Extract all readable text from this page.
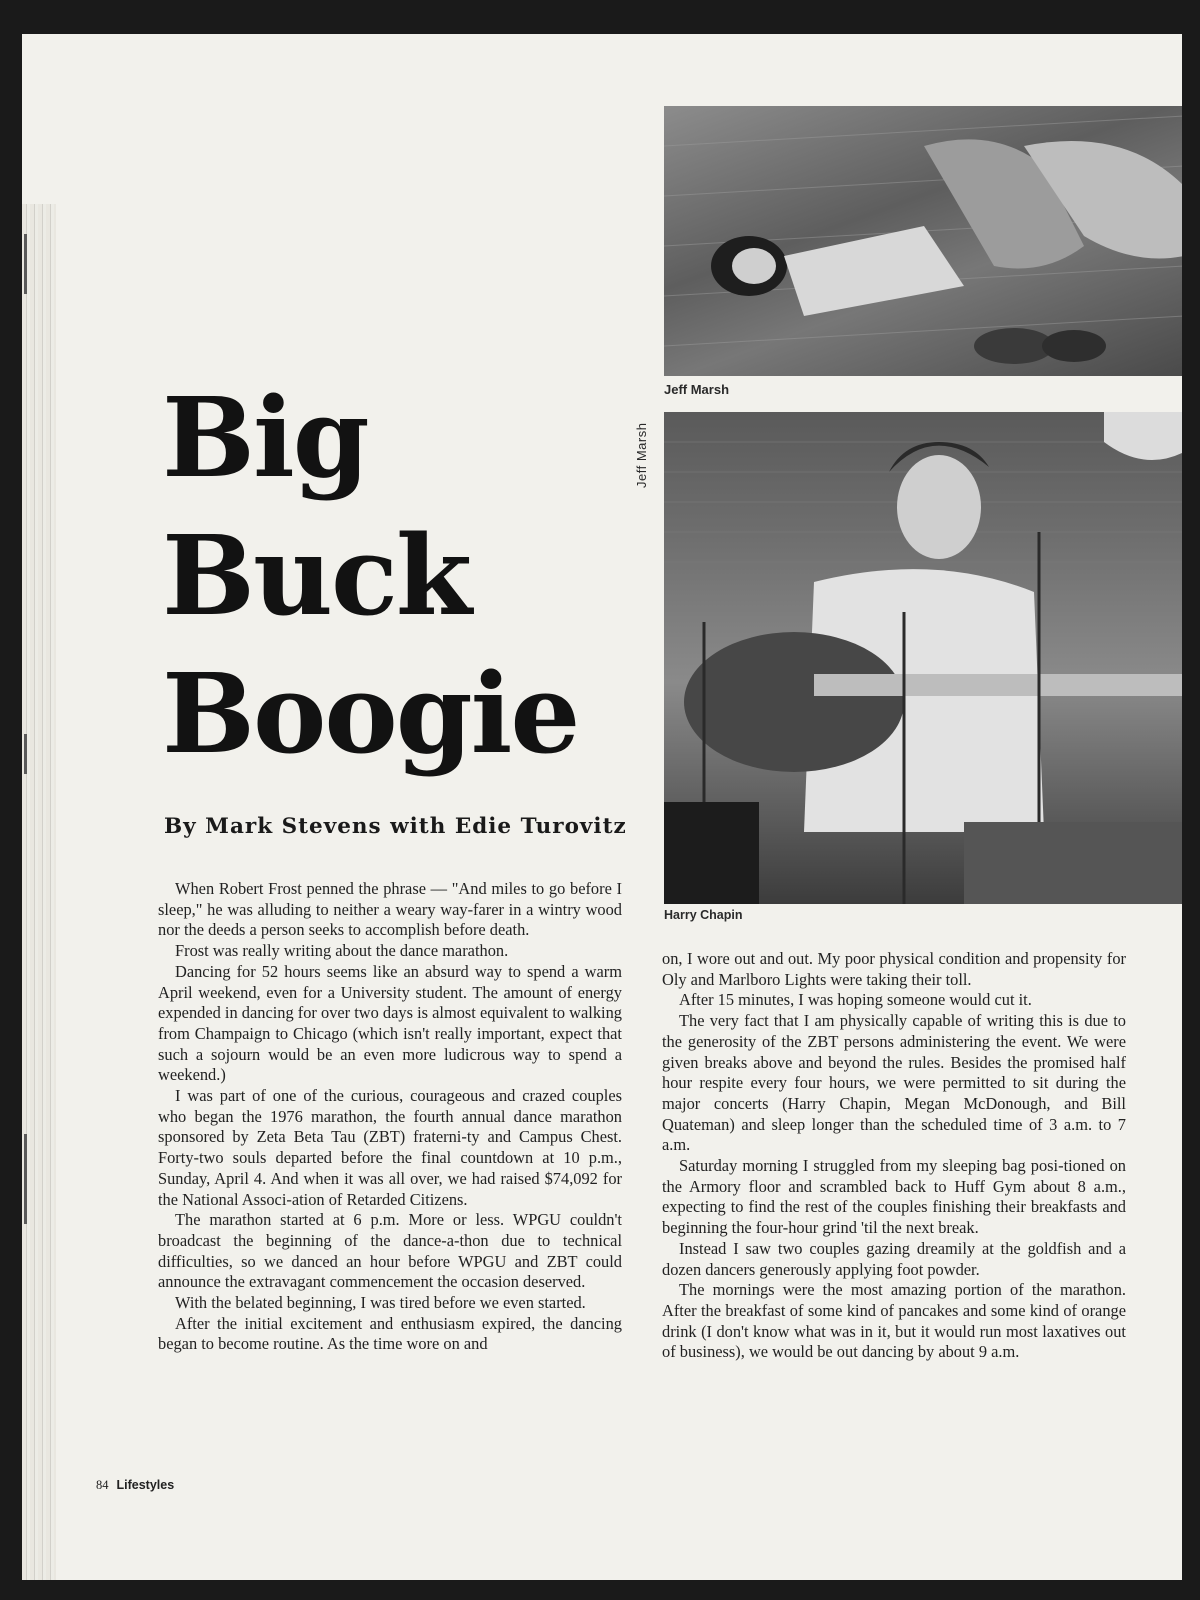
Big
Buck
Boogie
By Mark Stevens with Edie Turovitz

When Robert Frost penned the phrase — "And miles to go before I sleep," he was alluding to neither a weary way-farer in a wintry wood nor the deeds a person seeks to accomplish before death.

Frost was really writing about the dance marathon.

Dancing for 52 hours seems like an absurd way to spend a warm April weekend, even for a University student. The amount of energy expended in dancing for over two days is almost equivalent to walking from Champaign to Chicago (which isn't really important, expect that such a sojourn would be an even more ludicrous way to spend a weekend.)

I was part of one of the curious, courageous and crazed couples who began the 1976 marathon, the fourth annual dance marathon sponsored by Zeta Beta Tau (ZBT) fraterni-ty and Campus Chest. Forty-two souls departed before the final countdown at 10 p.m., Sunday, April 4. And when it was all over, we had raised $74,092 for the National Associ-ation of Retarded Citizens.

The marathon started at 6 p.m. More or less. WPGU couldn't broadcast the beginning of the dance-a-thon due to technical difficulties, so we danced an hour before WPGU and ZBT could announce the extravagant commencement the occasion deserved.

With the belated beginning, I was tired before we even started.

After the initial excitement and enthusiasm expired, the dancing began to become routine. As the time wore on and

Jeff Marsh
Jeff Marsh
Harry Chapin

on, I wore out and out. My poor physical condition and propensity for Oly and Marlboro Lights were taking their toll.

After 15 minutes, I was hoping someone would cut it.

The very fact that I am physically capable of writing this is due to the generosity of the ZBT persons administering the event. We were given breaks above and beyond the rules. Besides the promised half hour respite every four hours, we were permitted to sit during the major concerts (Harry Chapin, Megan McDonough, and Bill Quateman) and sleep longer than the scheduled time of 3 a.m. to 7 a.m.

Saturday morning I struggled from my sleeping bag posi-tioned on the Armory floor and scrambled back to Huff Gym about 8 a.m., expecting to find the rest of the couples finishing their breakfasts and beginning the four-hour grind 'til the next break.

Instead I saw two couples gazing dreamily at the goldfish and a dozen dancers generously applying foot powder.

The mornings were the most amazing portion of the marathon. After the breakfast of some kind of pancakes and some kind of orange drink (I don't know what was in it, but it would run most laxatives out of business), we would be out dancing by about 9 a.m.

84 Lifestyles
